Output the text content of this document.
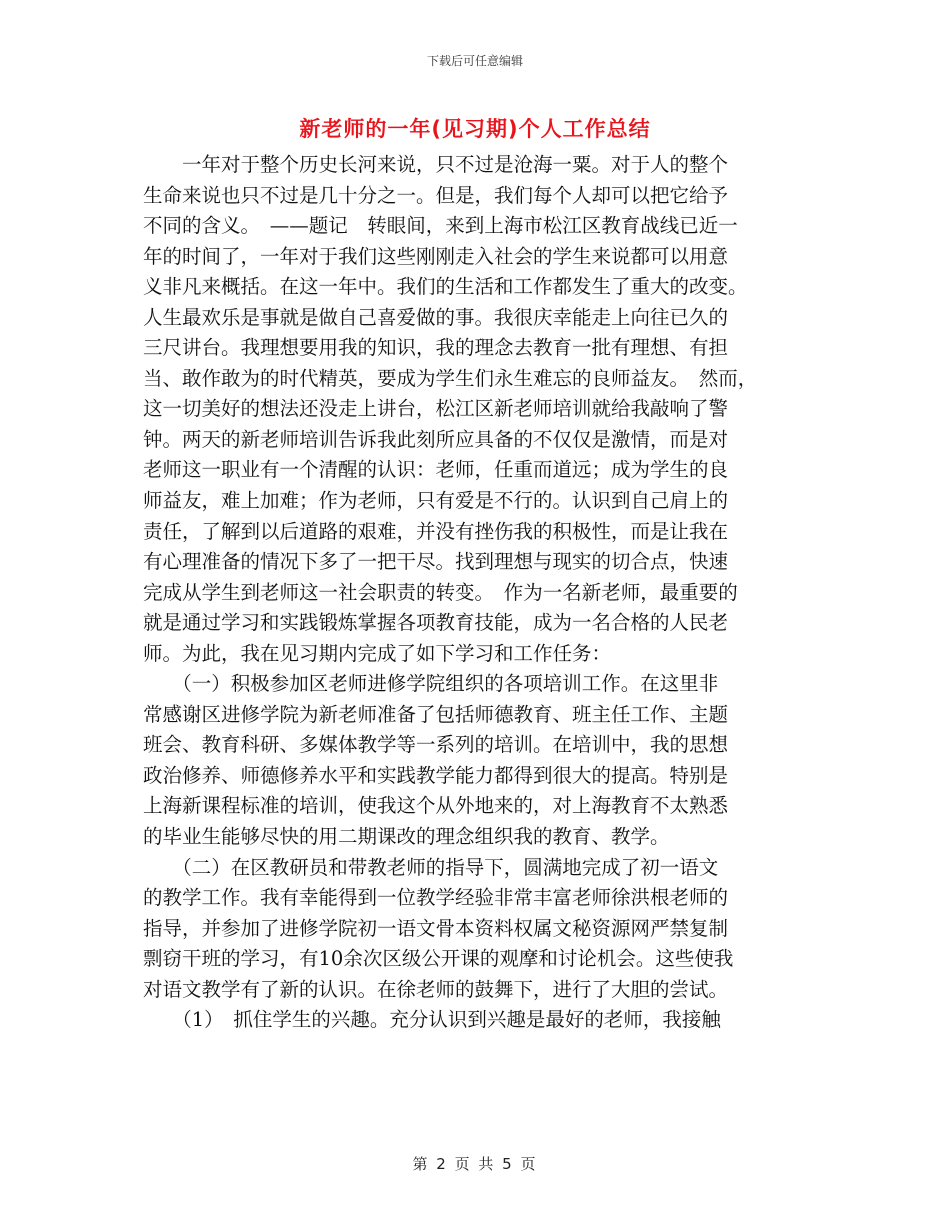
下载后可任意编辑
新老师的一年(见习期)个人工作总结
　　一年对于整个历史长河来说，只不过是沧海一粟。对于人的整个
生命来说也只不过是几十分之一。但是，我们每个人却可以把它给予
不同的含义。　——题记　转眼间，来到上海市松江区教育战线已近一
年的时间了，一年对于我们这些刚刚走入社会的学生来说都可以用意
义非凡来概括。在这一年中。我们的生活和工作都发生了重大的改变。
人生最欢乐是事就是做自己喜爱做的事。我很庆幸能走上向往已久的
三尺讲台。我理想要用我的知识，我的理念去教育一批有理想、有担
当、敢作敢为的时代精英，要成为学生们永生难忘的良师益友。　然而，
这一切美好的想法还没走上讲台，松江区新老师培训就给我敲响了警
钟。两天的新老师培训告诉我此刻所应具备的不仅仅是激情，而是对
老师这一职业有一个清醒的认识：老师，任重而道远；成为学生的良
师益友，难上加难；作为老师，只有爱是不行的。认识到自己肩上的
责任，了解到以后道路的艰难，并没有挫伤我的积极性，而是让我在
有心理准备的情况下多了一把干尽。找到理想与现实的切合点，快速
完成从学生到老师这一社会职责的转变。　作为一名新老师，最重要的
就是通过学习和实践锻炼掌握各项教育技能，成为一名合格的人民老
师。为此，我在见习期内完成了如下学习和工作任务：
　　（一）积极参加区老师进修学院组织的各项培训工作。在这里非
常感谢区进修学院为新老师准备了包括师德教育、班主任工作、主题
班会、教育科研、多媒体教学等一系列的培训。在培训中，我的思想
政治修养、师德修养水平和实践教学能力都得到很大的提高。特别是
上海新课程标准的培训，使我这个从外地来的，对上海教育不太熟悉
的毕业生能够尽快的用二期课改的理念组织我的教育、教学。
　　（二）在区教研员和带教老师的指导下，圆满地完成了初一语文
的教学工作。我有幸能得到一位教学经验非常丰富老师徐洪根老师的
指导，并参加了进修学院初一语文骨本资料权属文秘资源网严禁复制
剽窃干班的学习，有10余次区级公开课的观摩和讨论机会。这些使我
对语文教学有了新的认识。在徐老师的鼓舞下，进行了大胆的尝试。
　　（1）　抓住学生的兴趣。充分认识到兴趣是最好的老师，我接触
第 2 页 共 5 页
